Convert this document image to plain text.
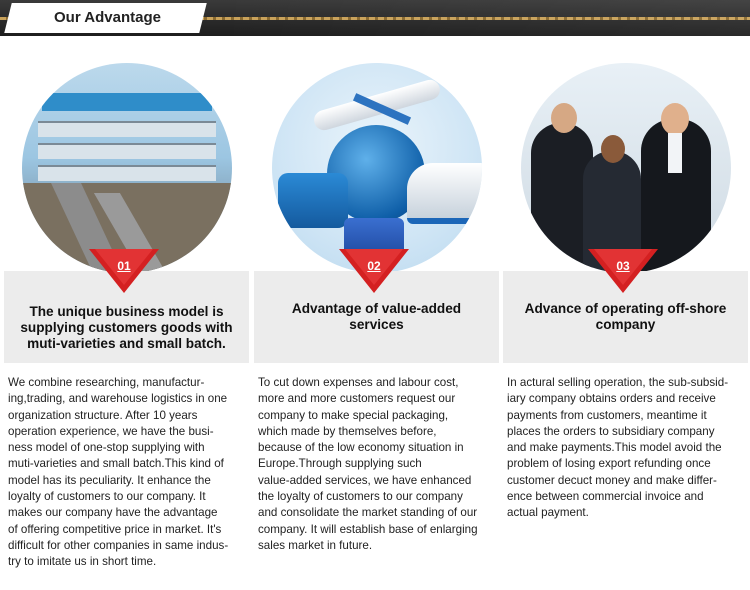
Our Advantage
The unique business model is supplying customers goods with muti-varieties and small batch.
01
We combine researching, manufactur-
ing,trading, and warehouse logistics in one
organization structure. After 10 years
operation experience, we have the busi-
ness model of one-stop supplying with
muti-varieties and small batch.This kind of
model has its peculiarity. It enhance the
loyalty of customers to our company. It
makes our company have the advantage
of offering competitive price in market. It's
difficult for other companies in same indus-
try to imitate us in short time.
Advantage of value-added services
02
To cut down expenses and labour cost,
more and more customers request our
company to make special packaging,
which made by themselves before,
because of the low economy situation in
Europe.Through supplying such
value-added services, we have enhanced
the loyalty of customers to our company
and consolidate the market standing of our
company. It will establish base of enlarging
sales market in future.
Advance of operating off-shore company
03
In actural selling operation, the sub-subsid-
iary company obtains orders and receive
payments from customers, meantime it
places the orders to subsidiary company
and make payments.This model avoid the
problem of losing export refunding once
customer decuct money and make differ-
ence between commercial invoice and
actual payment.
